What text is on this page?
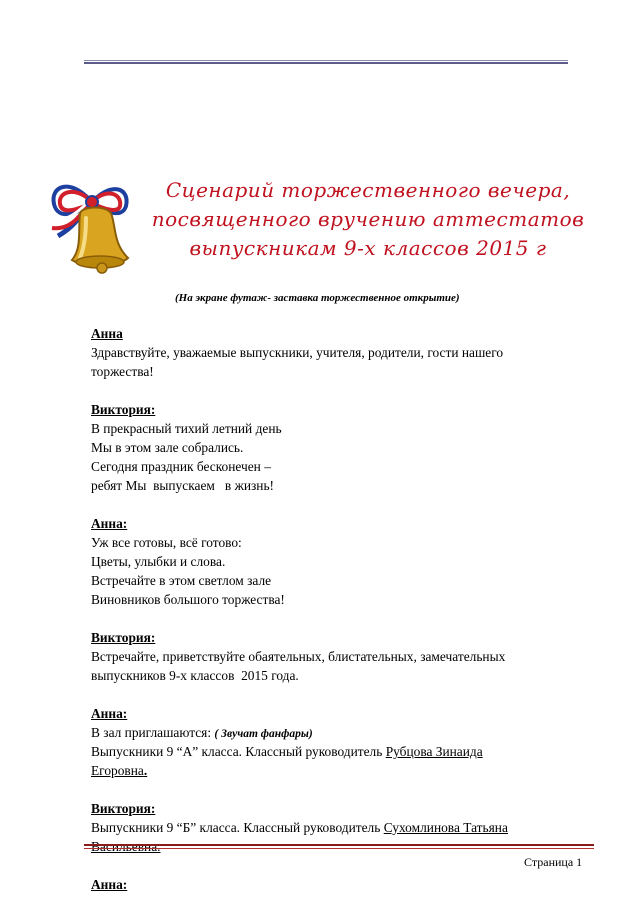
Сценарий торжественного вечера,
посвященного вручению аттестатов
выпускникам 9-х классов 2015 г
(На экране футаж- заставка торжественное открытие)
Анна
Здравствуйте, уважаемые выпускники, учителя, родители, гости нашего
торжества!
Виктория:
В прекрасный тихий летний день
Мы в этом зале собрались.
Сегодня праздник бесконечен –
ребят Мы  выпускаем   в жизнь!
Анна:
Уж все готовы, всё готово:
Цветы, улыбки и слова.
Встречайте в этом светлом зале
Виновников большого торжества!
Виктория:
Встречайте, приветствуйте обаятельных, блистательных, замечательных
выпускников 9-х классов  2015 года.
Анна:
В зал приглашаются: ( Звучат фанфары)
Выпускники 9 “А” класса. Классный руководитель Рубцова Зинаида
Егоровна.
Виктория:
Выпускники 9 “Б” класса. Классный руководитель Сухомлинова Татьяна
Васильевна.
Анна:
Страница 1
